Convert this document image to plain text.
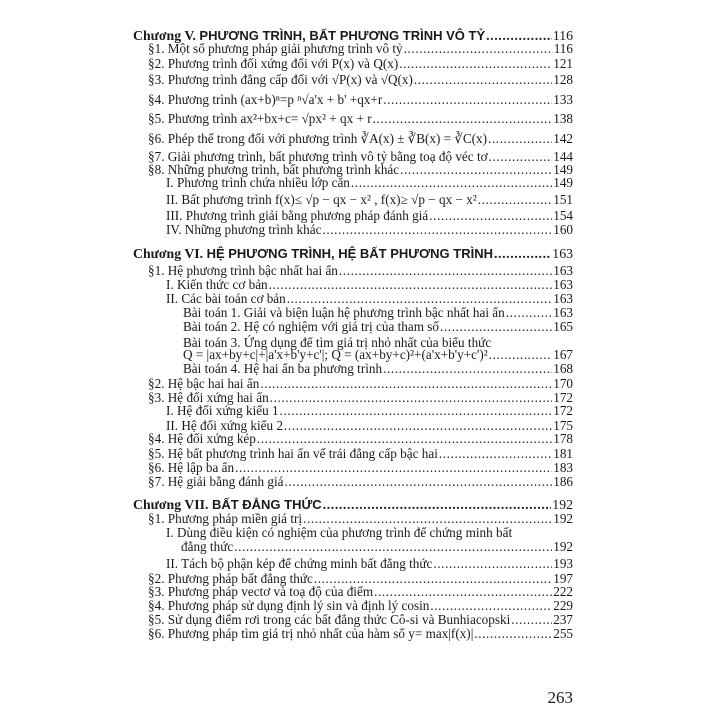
Chương V. PHƯƠNG TRÌNH, BẤT PHƯƠNG TRÌNH VÔ TỶ .....	116
§1. Một số phương pháp giải phương trình vô tỷ .....	116
§2. Phương trình đối xứng đối với P(x) và Q(x) .....	121
§3. Phương trình đẳng cấp đối với √P(x) và √Q(x) .....	128
§4. Phương trình (ax+b)ⁿ=p ⁿ√a'x + b' +qx+r .....	133
§5. Phương trình ax²+bx+c= √px² + qx + r .....	138
§6. Phép thế trong đối với phương trình ∛A(x) ± ∛B(x) = ∛C(x) .....	142
§7. Giải phương trình, bất phương trình vô tỷ bằng toạ độ véc tơ .....	144
§8. Những phương trình, bất phương trình khác .....	149
I. Phương trình chứa nhiều lớp căn .....	149
II. Bất phương trình f(x)≤ √p − qx − x² , f(x)≥ √p − qx − x² .....	151
III. Phương trình giải bằng phương pháp đánh giá .....	154
IV. Những phương trình khác .....	160
Chương VI. HỆ PHƯƠNG TRÌNH, HỆ BẤT PHƯƠNG TRÌNH .....	163
§1. Hệ phương trình bậc nhất hai ẩn .....	163
I. Kiến thức cơ bản .....	163
II. Các bài toán cơ bản .....	163
Bài toán 1. Giải và biện luận hệ phương trình bậc nhất hai ẩn .....	163
Bài toán 2. Hệ có nghiệm với giá trị của tham số .....	165
Bài toán 3. Ứng dụng để tìm giá trị nhỏ nhất của biểu thức
Q = |ax+by+c|+|a'x+b'y+c'|; Q = (ax+by+c)²+(a'x+b'y+c')² .....	167
Bài toán 4. Hệ hai ẩn ba phương trình .....	168
§2. Hệ bậc hai hai ẩn .....	170
§3. Hệ đối xứng hai ẩn .....	172
I. Hệ đối xứng kiểu 1 .....	172
II. Hệ đối xứng kiểu 2 .....	175
§4. Hệ đối xứng kép .....	178
§5. Hệ bất phương trình hai ẩn vế trái đẳng cấp bậc hai .....	181
§6. Hệ lập ba ẩn .....	183
§7. Hệ giải bằng đánh giá .....	186
Chương VII. BẤT ĐẲNG THỨC .....	192
§1. Phương pháp miền giá trị .....	192
I. Dùng điều kiện có nghiệm của phương trình để chứng minh bất
đẳng thức .....	192
II. Tách bộ phận kép để chứng minh bất đẳng thức .....	193
§2. Phương pháp bất đẳng thức .....	197
§3. Phương pháp vectơ và toạ độ của điểm .....	222
§4. Phương pháp sử dụng định lý sin và định lý cosin .....	229
§5. Sử dụng điểm rơi trong các bất đẳng thức Cô-si và Bunhiacopski .....	237
§6. Phương pháp tìm giá trị nhỏ nhất của hàm số y= max|f(x)| .....	255
263
